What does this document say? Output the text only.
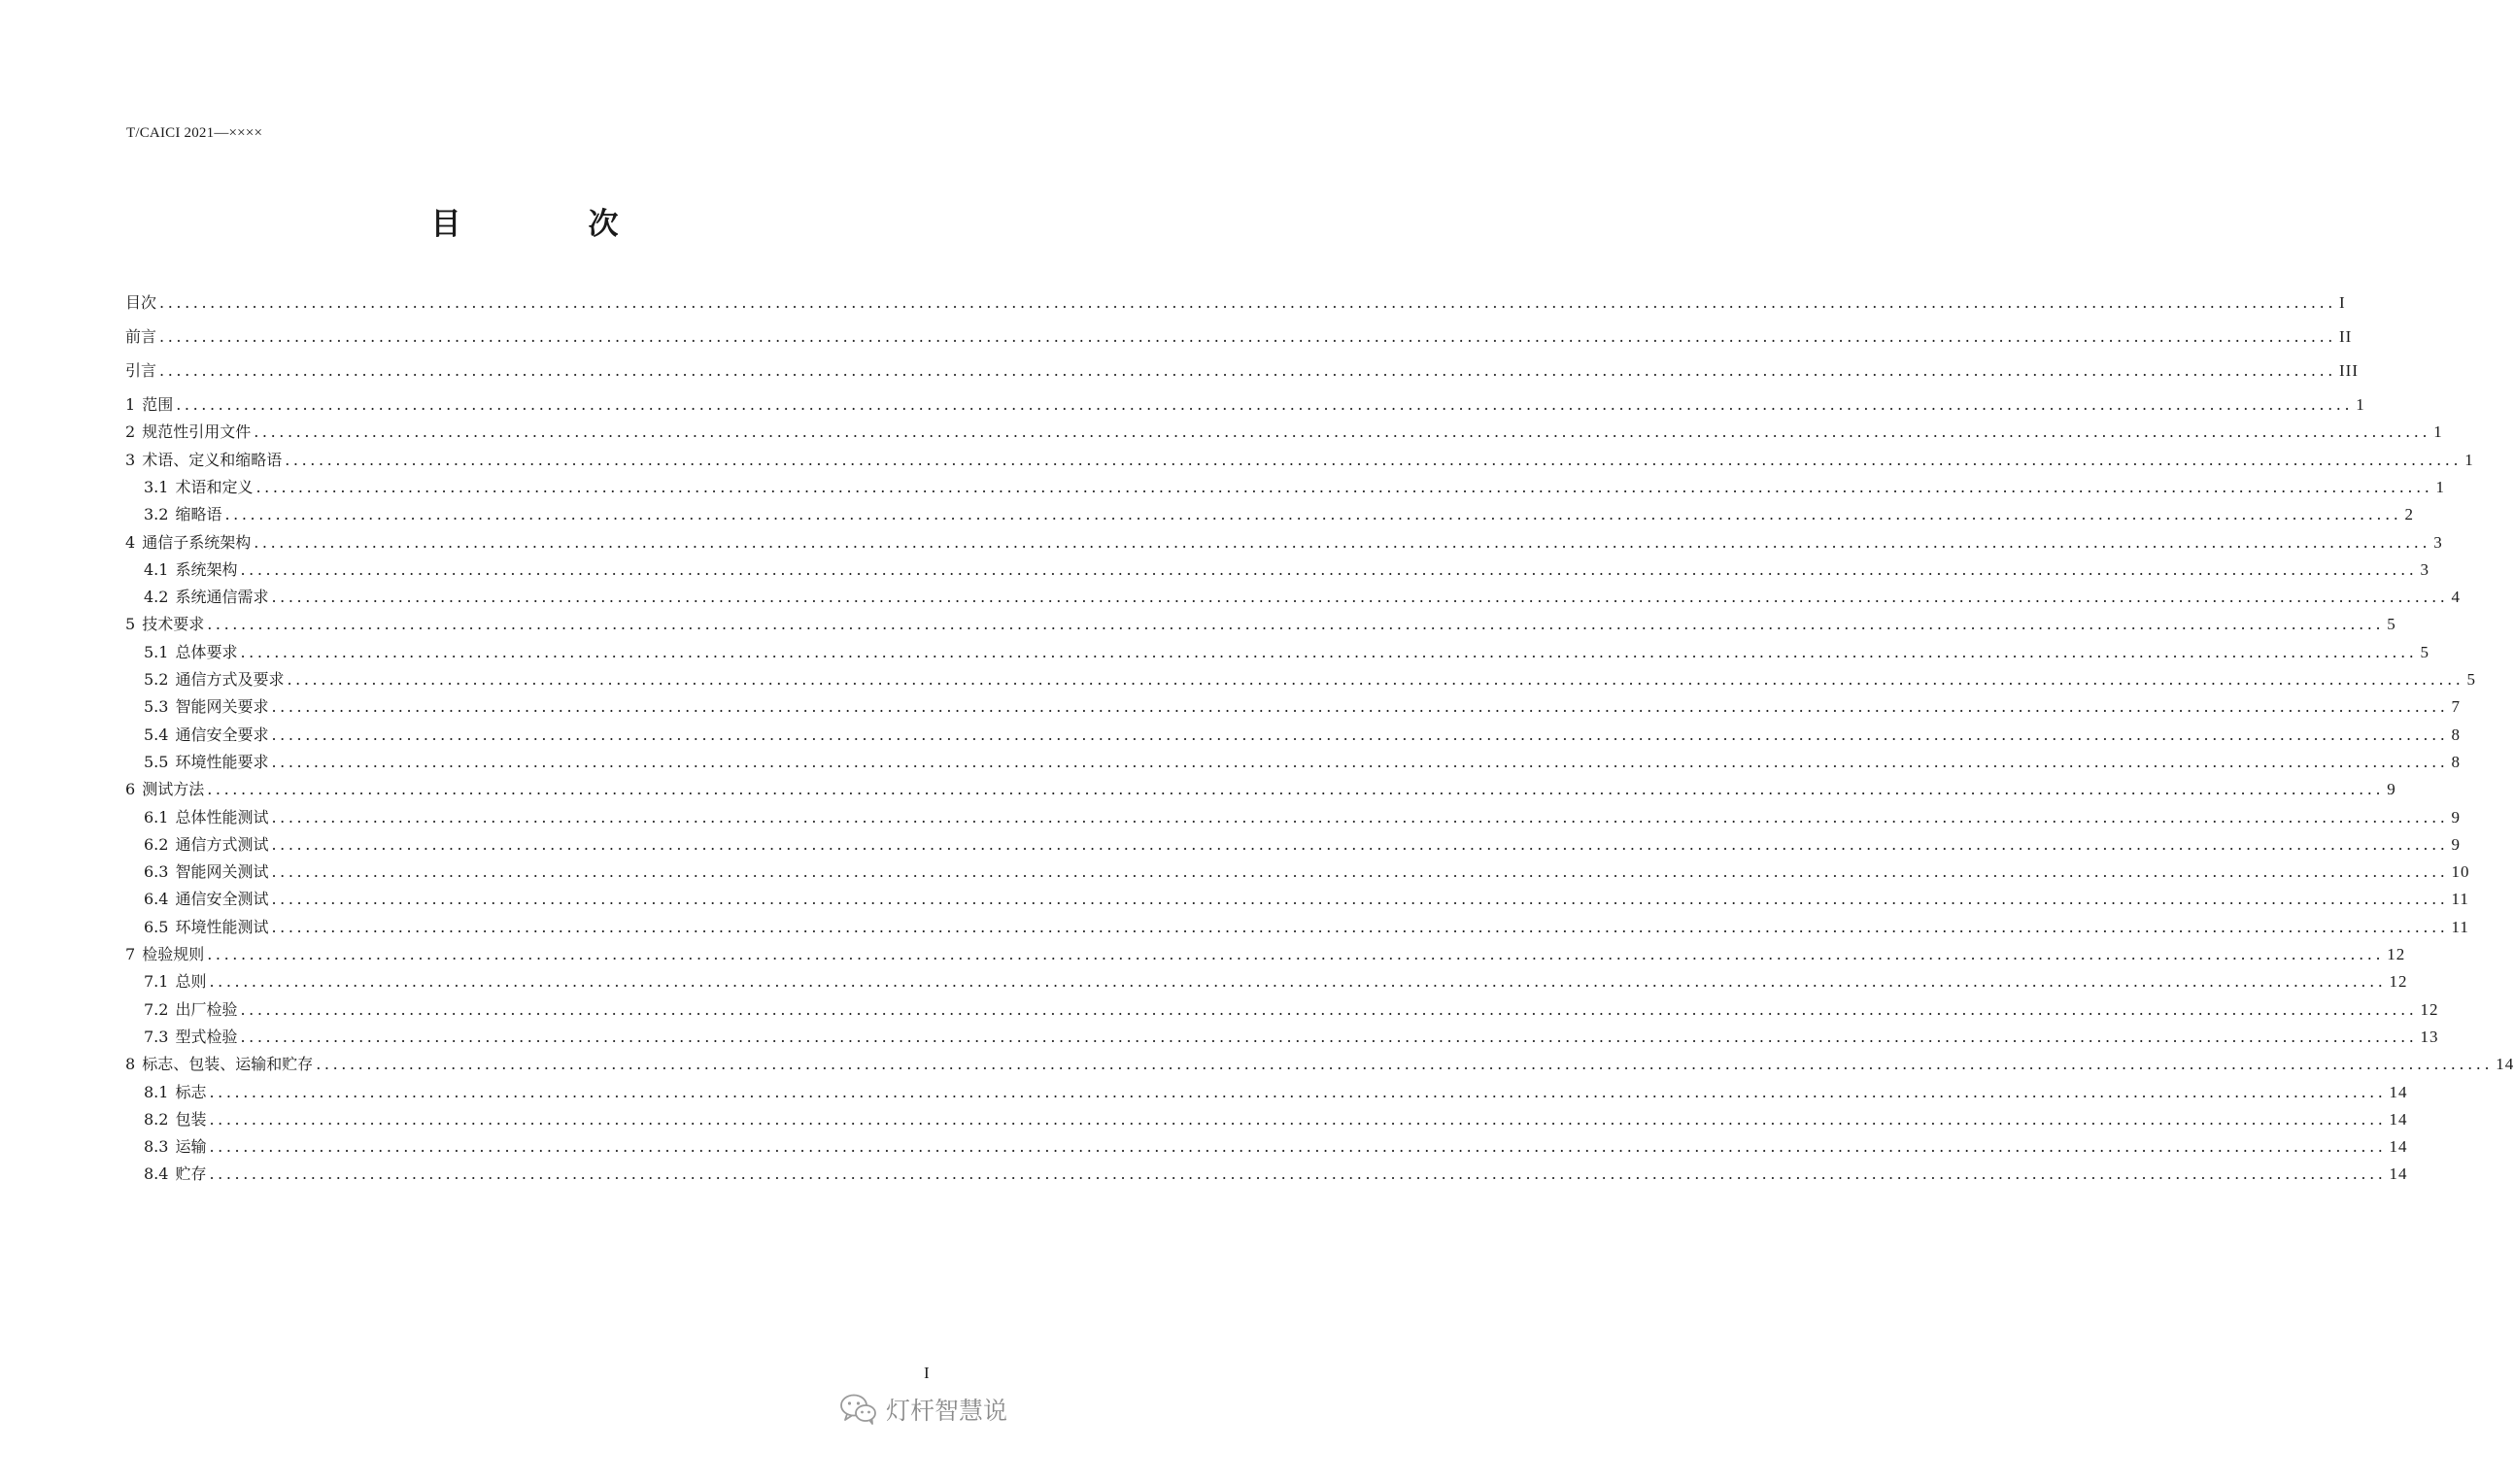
T/CAICI 2021—××××
目　次
目次 .................................................................................................................................................................................................................................................................. I
前言 .................................................................................................................................................................................................................................................................. II
引言 .................................................................................................................................................................................................................................................................. III
1 范围 .................................................................................................................................................................................................................................................................. 1
2 规范性引用文件 .................................................................................................................................................................................................................................................................. 1
3 术语、定义和缩略语 .................................................................................................................................................................................................................................................................. 1
3.1 术语和定义 .................................................................................................................................................................................................................................................................. 1
3.2 缩略语 .................................................................................................................................................................................................................................................................. 2
4 通信子系统架构 .................................................................................................................................................................................................................................................................. 3
4.1 系统架构 .................................................................................................................................................................................................................................................................. 3
4.2 系统通信需求 .................................................................................................................................................................................................................................................................. 4
5 技术要求 .................................................................................................................................................................................................................................................................. 5
5.1 总体要求 .................................................................................................................................................................................................................................................................. 5
5.2 通信方式及要求 .................................................................................................................................................................................................................................................................. 5
5.3 智能网关要求 .................................................................................................................................................................................................................................................................. 7
5.4 通信安全要求 .................................................................................................................................................................................................................................................................. 8
5.5 环境性能要求 .................................................................................................................................................................................................................................................................. 8
6 测试方法 .................................................................................................................................................................................................................................................................. 9
6.1 总体性能测试 .................................................................................................................................................................................................................................................................. 9
6.2 通信方式测试 .................................................................................................................................................................................................................................................................. 9
6.3 智能网关测试 .................................................................................................................................................................................................................................................................. 10
6.4 通信安全测试 .................................................................................................................................................................................................................................................................. 11
6.5 环境性能测试 .................................................................................................................................................................................................................................................................. 11
7 检验规则 .................................................................................................................................................................................................................................................................. 12
7.1 总则 .................................................................................................................................................................................................................................................................. 12
7.2 出厂检验 .................................................................................................................................................................................................................................................................. 12
7.3 型式检验 .................................................................................................................................................................................................................................................................. 13
8 标志、包装、运输和贮存 .................................................................................................................................................................................................................................................................. 14
8.1 标志 .................................................................................................................................................................................................................................................................. 14
8.2 包装 .................................................................................................................................................................................................................................................................. 14
8.3 运输 .................................................................................................................................................................................................................................................................. 14
8.4 贮存 .................................................................................................................................................................................................................................................................. 14
I
灯杆智慧说
